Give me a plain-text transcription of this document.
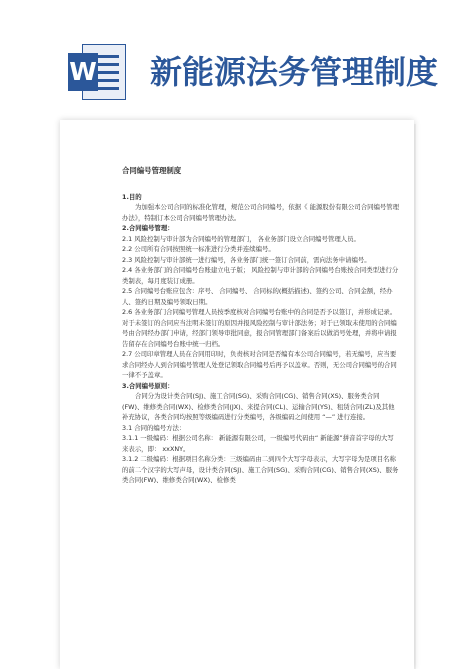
W 新能源法务管理制度

合同编号管理制度

1.目的

为加强本公司合同的标准化管理，规范公司合同编号，依据《 能源股份有限公司合同编号管理办法》，特制订本公司合同编号管理办法。

2.合同编号管理：

2.1 风险控制与审计部为合同编号的管理部门， 各业务部门设立合同编号管理人员。

2.2 公司所有合同按照统一标准进行分类并连续编号。

2.3 风险控制与审计部统一进行编号，各业务部门统一签订合同前，需向法务申请编号。

2.4 各业务部门的合同编号台账建立电子版； 风险控制与审计部的合同编号台账按合同类型进行分类制表，每月度装订成册。

2.5 合同编号台账应包含：序号、 合同编号、 合同标的(概括描述)、签约公司、合同金额，经办人、签约日期及编号领取日期。

2.6 各业务部门合同编号管理人员按季度核对合同编号台账中的合同是否予以签订，并形成记录。 对于未签订的合同应当注明未签订的原因并报风险控制与审计部法务；对于已领取未使用的合同编号由合同经办部门申请，经部门领导审批同意，报合同管理部门备案后以做消号处理，并将申请报告留存在合同编号台账中统一归档。

2.7 公司印章管理人员在合同用印时，负责核对合同是否编有本公司合同编号，若无编号，应当要求合同经办人到合同编号管理人处登记领取合同编号后再予以盖章。否则，无公司合同编号的合同一律不予盖章。

3.合同编号原则：

合同分为设计类合同(SJ)、施工合同(SG)、采购合同(CG)、销售合同(XS)、服务类合同(FW)、维修类合同(WX)、检修类合同(JX)、来提合同(CL)、运输合同(YS)、租赁合同(ZL)及其他补充协议，各类合同均按照等级编码进行分类编号，各级编码之间使用 “—” 进行连接。

3.1 合同的编号方法：

3.1.1 一级编码：根据公司名称： 新能源有限公司，一级编号代码由“ 新能源”拼音首字母的大写来表示，即： xxXNY。

3.1.2 二级编码：根据项目名称分类：三级编码由二到四个大写字母表示，大写字母为是项目名称的前二个汉字的大写声母，设计类合同(SJ)、施工合同(SG)、采购合同(CG)、销售合同(XS)、服务类合同(FW)、维修类合同(WX)、检修类
